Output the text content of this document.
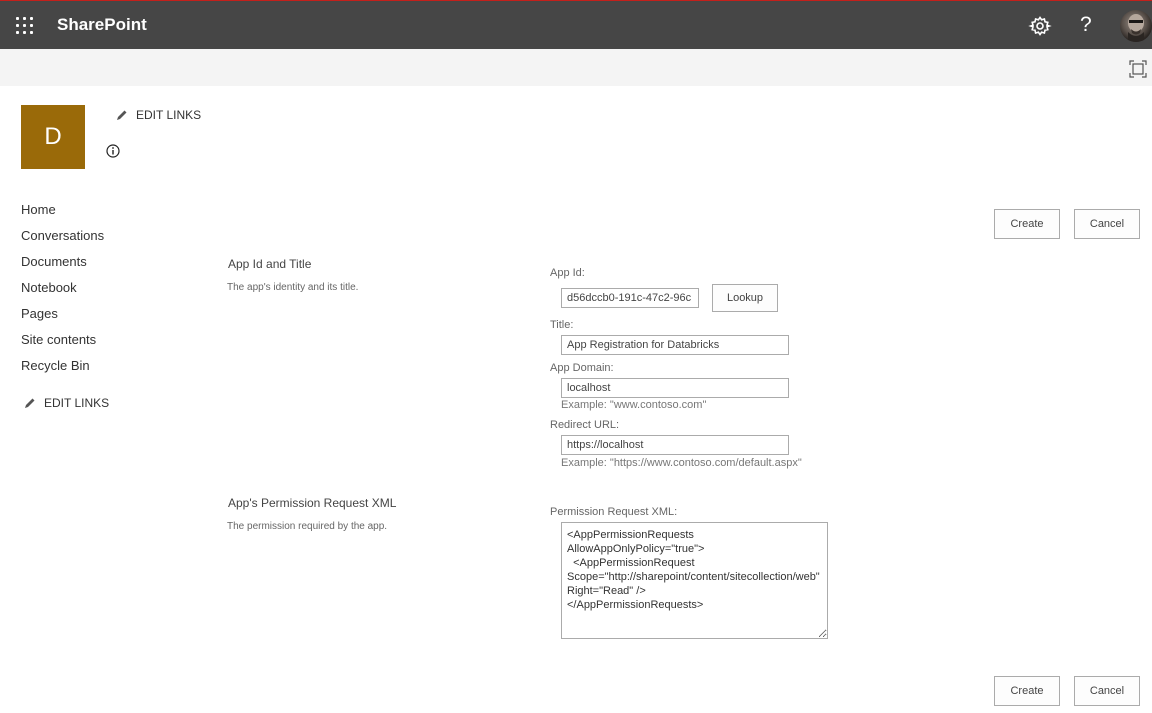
SharePoint	?
D
EDIT LINKS
Home
Conversations
Documents
Notebook
Pages
Site contents
Recycle Bin
EDIT LINKS
Create	Cancel
App Id and Title
The app's identity and its title.
App Id:
d56dccb0-191c-47c2-96c
Lookup
Title:
App Registration for Databricks
App Domain:
localhost
Example: "www.contoso.com"
Redirect URL:
https://localhost
Example: "https://www.contoso.com/default.aspx"
App's Permission Request XML
The permission required by the app.
Permission Request XML:
<AppPermissionRequests AllowAppOnlyPolicy="true"> <AppPermissionRequest Scope="http://sharepoint/content/sitecollection/web" Right="Read" /> </AppPermissionRequests>
Create	Cancel
